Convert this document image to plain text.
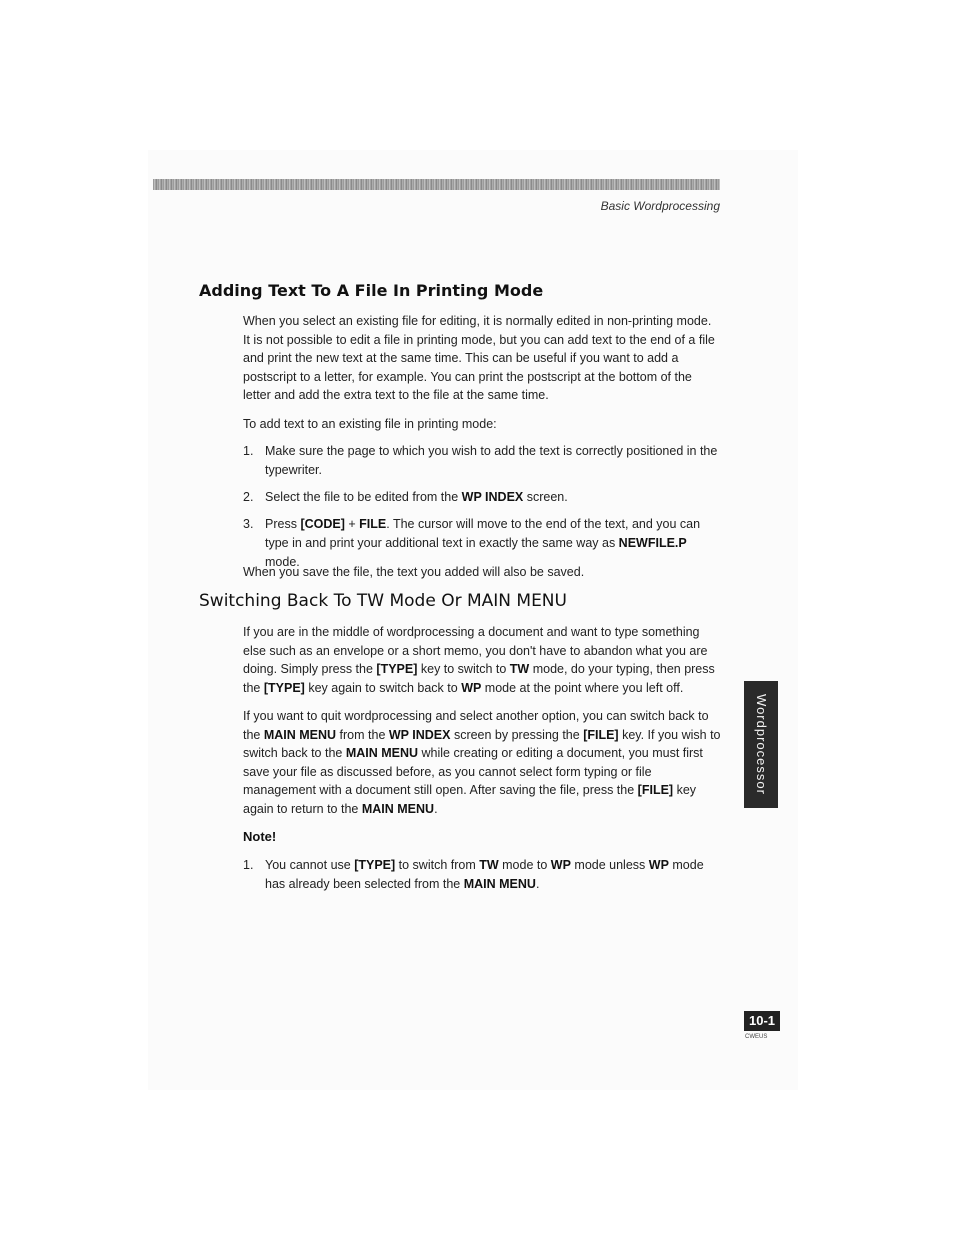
Basic Wordprocessing
Adding Text To A File In Printing Mode

When you select an existing file for editing, it is normally edited in non-printing mode. It is not possible to edit a file in printing mode, but you can add text to the end of a file and print the new text at the same time. This can be useful if you want to add a postscript to a letter, for example. You can print the postscript at the bottom of the letter and add the extra text to the file at the same time.

To add text to an existing file in printing mode:

1. Make sure the page to which you wish to add the text is correctly positioned in the typewriter.
2. Select the file to be edited from the WP INDEX screen.
3. Press [CODE] + FILE. The cursor will move to the end of the text, and you can type in and print your additional text in exactly the same way as NEWFILE.P mode.

When you save the file, the text you added will also be saved.

Switching Back To TW Mode Or MAIN MENU

If you are in the middle of wordprocessing a document and want to type something else such as an envelope or a short memo, you don't have to abandon what you are doing. Simply press the [TYPE] key to switch to TW mode, do your typing, then press the [TYPE] key again to switch back to WP mode at the point where you left off.

If you want to quit wordprocessing and select another option, you can switch back to the MAIN MENU from the WP INDEX screen by pressing the [FILE] key. If you wish to switch back to the MAIN MENU while creating or editing a document, you must first save your file as discussed before, as you cannot select form typing or file management with a document still open. After saving the file, press the [FILE] key again to return to the MAIN MENU.

Note!
1. You cannot use [TYPE] to switch from TW mode to WP mode unless WP mode has already been selected from the MAIN MENU.
Wordprocessor
10-1
CWEUS
